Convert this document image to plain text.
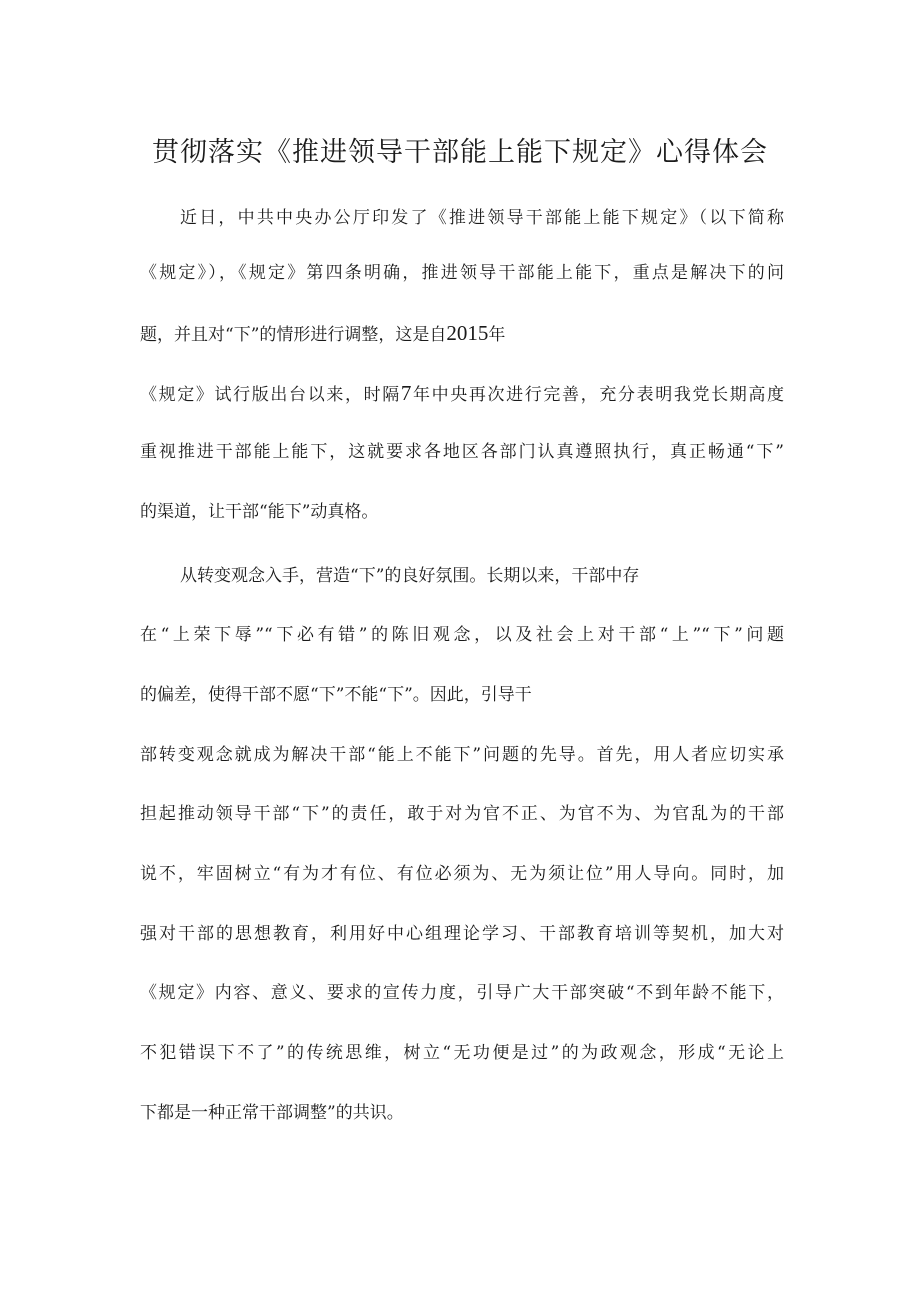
贯彻落实《推进领导干部能上能下规定》心得体会
近日，中共中央办公厅印发了《推进领导干部能上能下规定》（以下简称
《规定》），《规定》第四条明确，推进领导干部能上能下，重点是解决下的问
题，并且对“下”的情形进行调整，这是自2015年
《规定》试行版出台以来，时隔7年中央再次进行完善，充分表明我党长期高度
重视推进干部能上能下，这就要求各地区各部门认真遵照执行，真正畅通“下”
的渠道，让干部“能下”动真格。
从转变观念入手，营造“下”的良好氛围。长期以来，干部中存
在“上荣下辱”“下必有错”的陈旧观念，以及社会上对干部“上”“下”问题
的偏差，使得干部不愿“下”不能“下”。因此，引导干
部转变观念就成为解决干部“能上不能下”问题的先导。首先，用人者应切实承
担起推动领导干部“下”的责任，敢于对为官不正、为官不为、为官乱为的干部
说不，牢固树立“有为才有位、有位必须为、无为须让位”用人导向。同时，加
强对干部的思想教育，利用好中心组理论学习、干部教育培训等契机，加大对
《规定》内容、意义、要求的宣传力度，引导广大干部突破“不到年龄不能下，
不犯错误下不了”的传统思维，树立“无功便是过”的为政观念，形成“无论上
下都是一种正常干部调整”的共识。
